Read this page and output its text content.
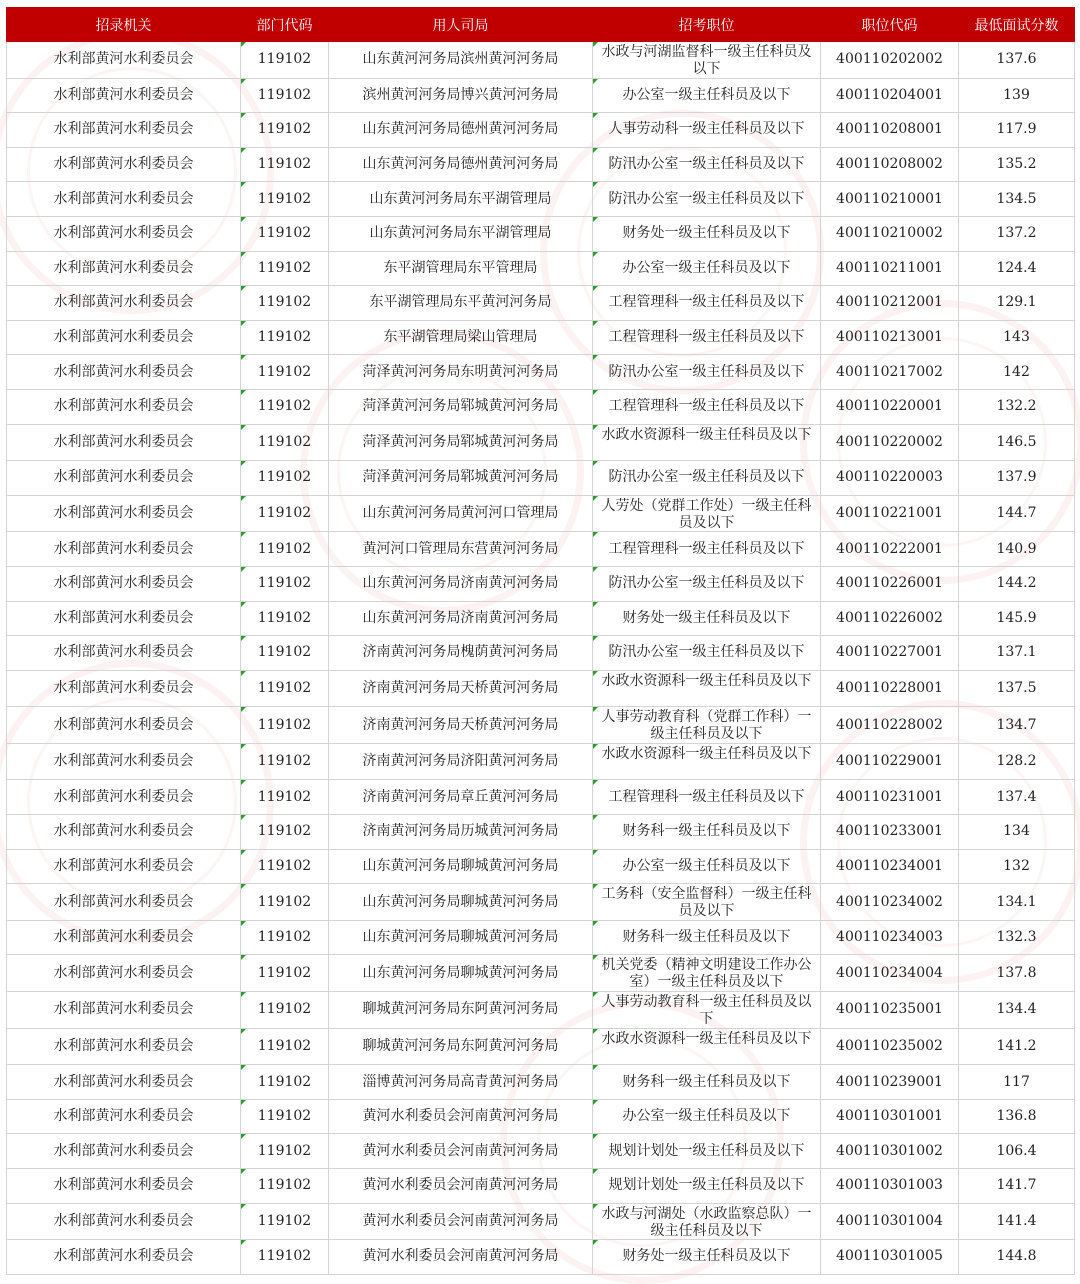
招录机关	部门代码	用人司局	招考职位	职位代码	最低面试分数
水利部黄河水利委员会	119102	山东黄河河务局滨州黄河河务局	水政与河湖监督科一级主任科员及以下	400110202002	137.6
水利部黄河水利委员会	119102	滨州黄河河务局博兴黄河河务局	办公室一级主任科员及以下	400110204001	139
水利部黄河水利委员会	119102	山东黄河河务局德州黄河河务局	人事劳动科一级主任科员及以下	400110208001	117.9
水利部黄河水利委员会	119102	山东黄河河务局德州黄河河务局	防汛办公室一级主任科员及以下	400110208002	135.2
水利部黄河水利委员会	119102	山东黄河河务局东平湖管理局	防汛办公室一级主任科员及以下	400110210001	134.5
水利部黄河水利委员会	119102	山东黄河河务局东平湖管理局	财务处一级主任科员及以下	400110210002	137.2
水利部黄河水利委员会	119102	东平湖管理局东平管理局	办公室一级主任科员及以下	400110211001	124.4
水利部黄河水利委员会	119102	东平湖管理局东平黄河河务局	工程管理科一级主任科员及以下	400110212001	129.1
水利部黄河水利委员会	119102	东平湖管理局梁山管理局	工程管理科一级主任科员及以下	400110213001	143
水利部黄河水利委员会	119102	菏泽黄河河务局东明黄河河务局	防汛办公室一级主任科员及以下	400110217002	142
水利部黄河水利委员会	119102	菏泽黄河河务局郓城黄河河务局	工程管理科一级主任科员及以下	400110220001	132.2
水利部黄河水利委员会	119102	菏泽黄河河务局郓城黄河河务局	水政水资源科一级主任科员及以下	400110220002	146.5
水利部黄河水利委员会	119102	菏泽黄河河务局郓城黄河河务局	防汛办公室一级主任科员及以下	400110220003	137.9
水利部黄河水利委员会	119102	山东黄河河务局黄河河口管理局	人劳处（党群工作处）一级主任科员及以下	400110221001	144.7
水利部黄河水利委员会	119102	黄河河口管理局东营黄河河务局	工程管理科一级主任科员及以下	400110222001	140.9
水利部黄河水利委员会	119102	山东黄河河务局济南黄河河务局	防汛办公室一级主任科员及以下	400110226001	144.2
水利部黄河水利委员会	119102	山东黄河河务局济南黄河河务局	财务处一级主任科员及以下	400110226002	145.9
水利部黄河水利委员会	119102	济南黄河河务局槐荫黄河河务局	防汛办公室一级主任科员及以下	400110227001	137.1
水利部黄河水利委员会	119102	济南黄河河务局天桥黄河河务局	水政水资源科一级主任科员及以下	400110228001	137.5
水利部黄河水利委员会	119102	济南黄河河务局天桥黄河河务局	人事劳动教育科（党群工作科）一级主任科员及以下	400110228002	134.7
水利部黄河水利委员会	119102	济南黄河河务局济阳黄河河务局	水政水资源科一级主任科员及以下	400110229001	128.2
水利部黄河水利委员会	119102	济南黄河河务局章丘黄河河务局	工程管理科一级主任科员及以下	400110231001	137.4
水利部黄河水利委员会	119102	济南黄河河务局历城黄河河务局	财务科一级主任科员及以下	400110233001	134
水利部黄河水利委员会	119102	山东黄河河务局聊城黄河河务局	办公室一级主任科员及以下	400110234001	132
水利部黄河水利委员会	119102	山东黄河河务局聊城黄河河务局	工务科（安全监督科）一级主任科员及以下	400110234002	134.1
水利部黄河水利委员会	119102	山东黄河河务局聊城黄河河务局	财务科一级主任科员及以下	400110234003	132.3
水利部黄河水利委员会	119102	山东黄河河务局聊城黄河河务局	机关党委（精神文明建设工作办公室）一级主任科员及以下	400110234004	137.8
水利部黄河水利委员会	119102	聊城黄河河务局东阿黄河河务局	人事劳动教育科一级主任科员及以下	400110235001	134.4
水利部黄河水利委员会	119102	聊城黄河河务局东阿黄河河务局	水政水资源科一级主任科员及以下	400110235002	141.2
水利部黄河水利委员会	119102	淄博黄河河务局高青黄河河务局	财务科一级主任科员及以下	400110239001	117
水利部黄河水利委员会	119102	黄河水利委员会河南黄河河务局	办公室一级主任科员及以下	400110301001	136.8
水利部黄河水利委员会	119102	黄河水利委员会河南黄河河务局	规划计划处一级主任科员及以下	400110301002	106.4
水利部黄河水利委员会	119102	黄河水利委员会河南黄河河务局	规划计划处一级主任科员及以下	400110301003	141.7
水利部黄河水利委员会	119102	黄河水利委员会河南黄河河务局	水政与河湖处（水政监察总队）一级主任科员及以下	400110301004	141.4
水利部黄河水利委员会	119102	黄河水利委员会河南黄河河务局	财务处一级主任科员及以下	400110301005	144.8
